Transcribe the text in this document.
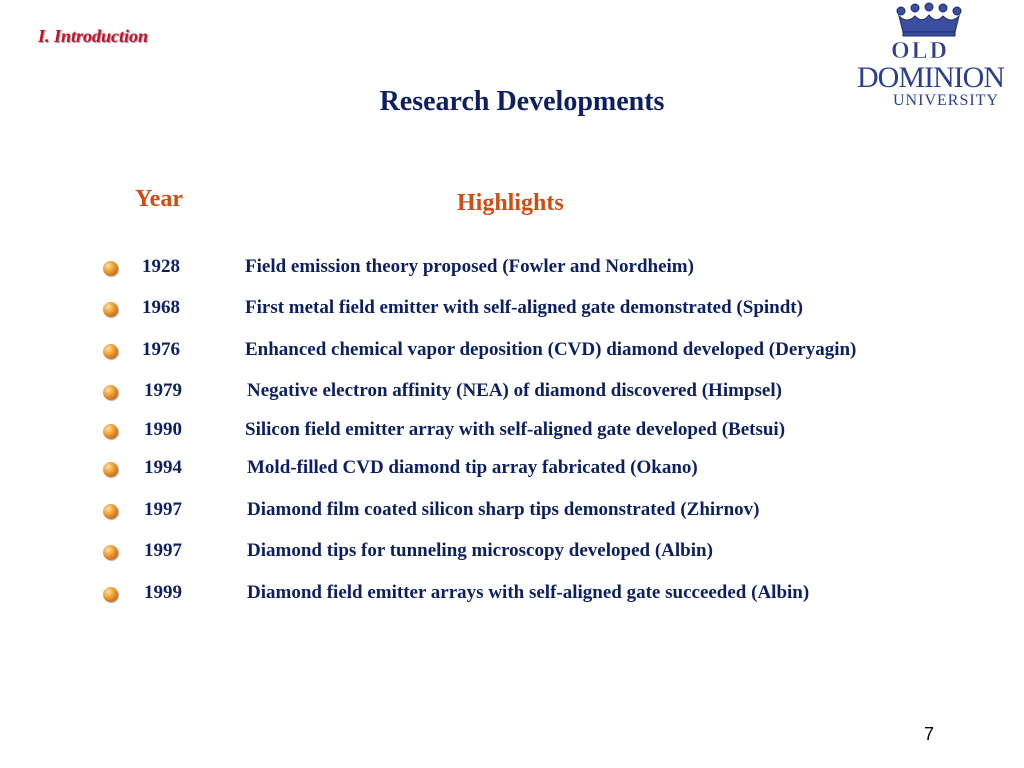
I. Introduction
Research Developments
OLD
DOMINION
UNIVERSITY
Year	Highlights
1928	Field emission theory proposed (Fowler and Nordheim)
1968	First metal field emitter with self-aligned gate demonstrated (Spindt)
1976	Enhanced chemical vapor deposition (CVD) diamond developed (Deryagin)
1979	Negative electron affinity (NEA) of diamond discovered (Himpsel)
1990	Silicon field emitter array with self-aligned gate developed (Betsui)
1994	Mold-filled CVD diamond tip array fabricated (Okano)
1997	Diamond film coated silicon sharp tips demonstrated (Zhirnov)
1997	Diamond tips for tunneling microscopy developed (Albin)
1999	Diamond field emitter arrays with self-aligned gate succeeded (Albin)
7
